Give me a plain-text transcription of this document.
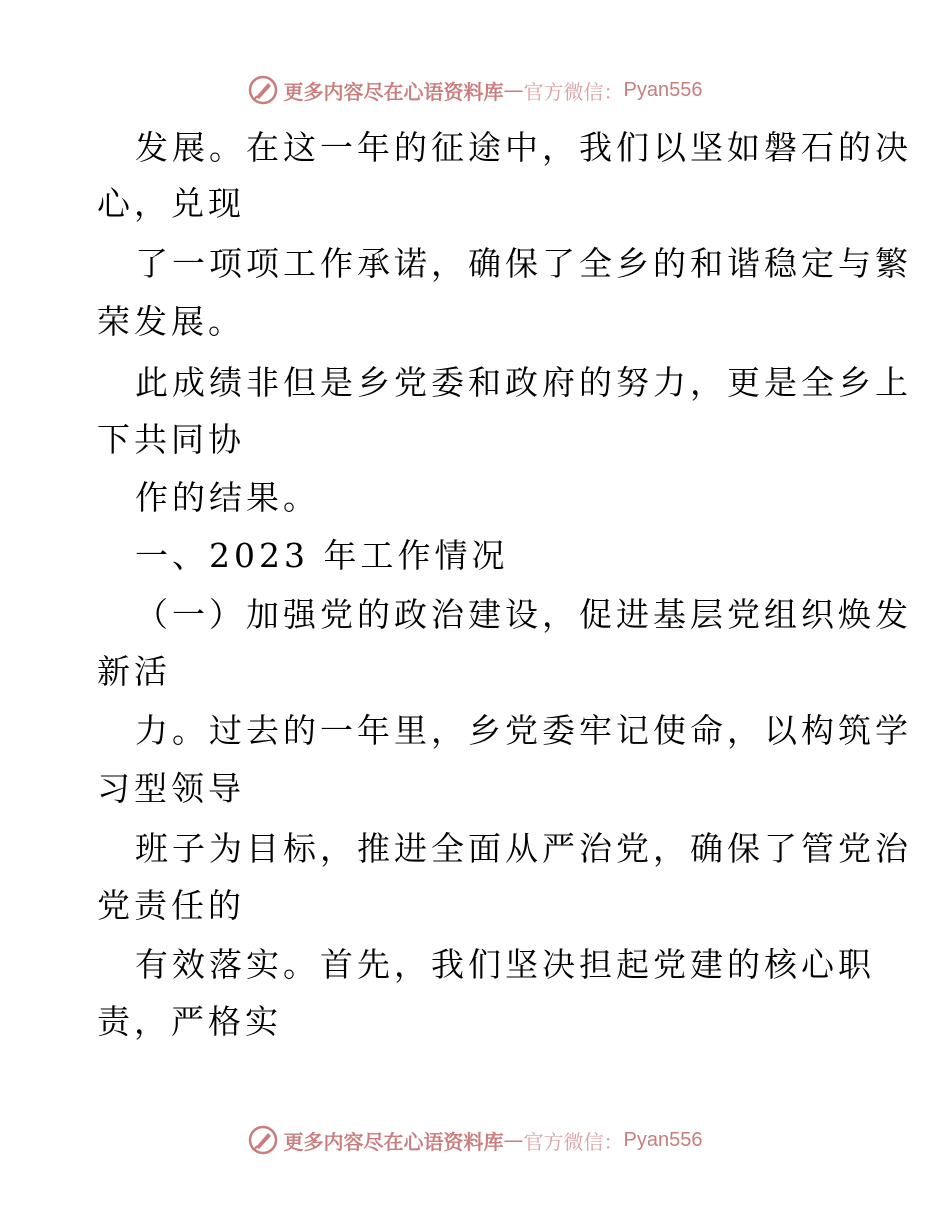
更多内容尽在心语资料库 — 官方微信： Pyan556
发展。在这一年的征途中，我们以坚如磐石的决
心，兑现
了一项项工作承诺，确保了全乡的和谐稳定与繁
荣发展。
此成绩非但是乡党委和政府的努力，更是全乡上
下共同协
作的结果。
一、2023 年工作情况
（一）加强党的政治建设，促进基层党组织焕发
新活
力。过去的一年里，乡党委牢记使命，以构筑学
习型领导
班子为目标，推进全面从严治党，确保了管党治
党责任的
有效落实。首先，我们坚决担起党建的核心职
责，严格实
更多内容尽在心语资料库 — 官方微信： Pyan556
